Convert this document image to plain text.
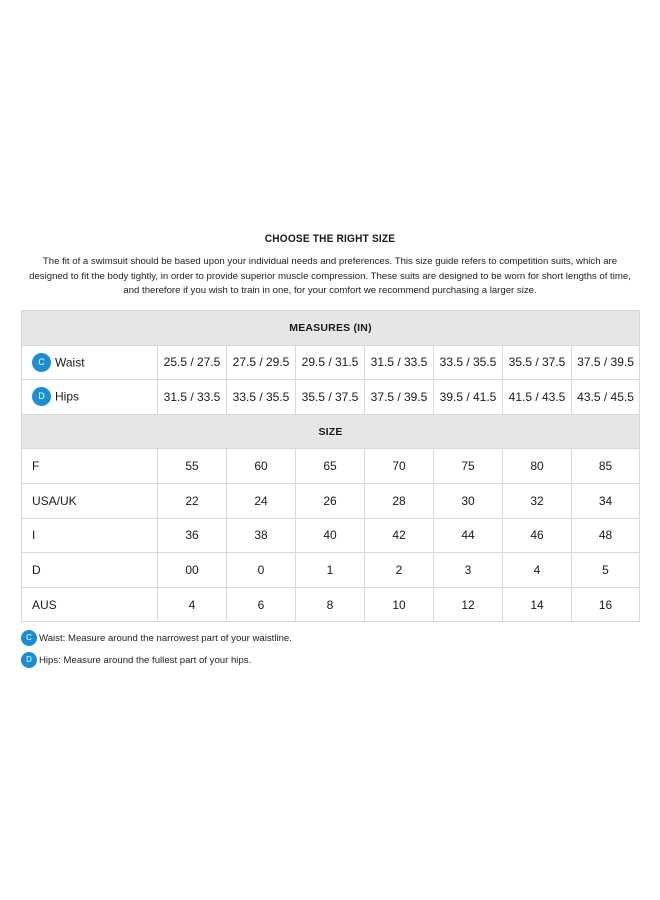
CHOOSE THE RIGHT SIZE
The fit of a swimsuit should be based upon your individual needs and preferences. This size guide refers to competition suits, which are designed to fit the body tightly, in order to provide superior muscle compression. These suits are designed to be worn for short lengths of time, and therefore if you wish to train in one, for your comfort we recommend purchasing a larger size.
MEASURES (IN)							
C Waist	25.5 / 27.5	27.5 / 29.5	29.5 / 31.5	31.5 / 33.5	33.5 / 35.5	35.5 / 37.5	37.5 / 39.5
D Hips	31.5 / 33.5	33.5 / 35.5	35.5 / 37.5	37.5 / 39.5	39.5 / 41.5	41.5 / 43.5	43.5 / 45.5
SIZE							
F	55	60	65	70	75	80	85
USA/UK	22	24	26	28	30	32	34
I	36	38	40	42	44	46	48
D	00	0	1	2	3	4	5
AUS	4	6	8	10	12	14	16
C Waist: Measure around the narrowest part of your waistline.
D Hips: Measure around the fullest part of your hips.
